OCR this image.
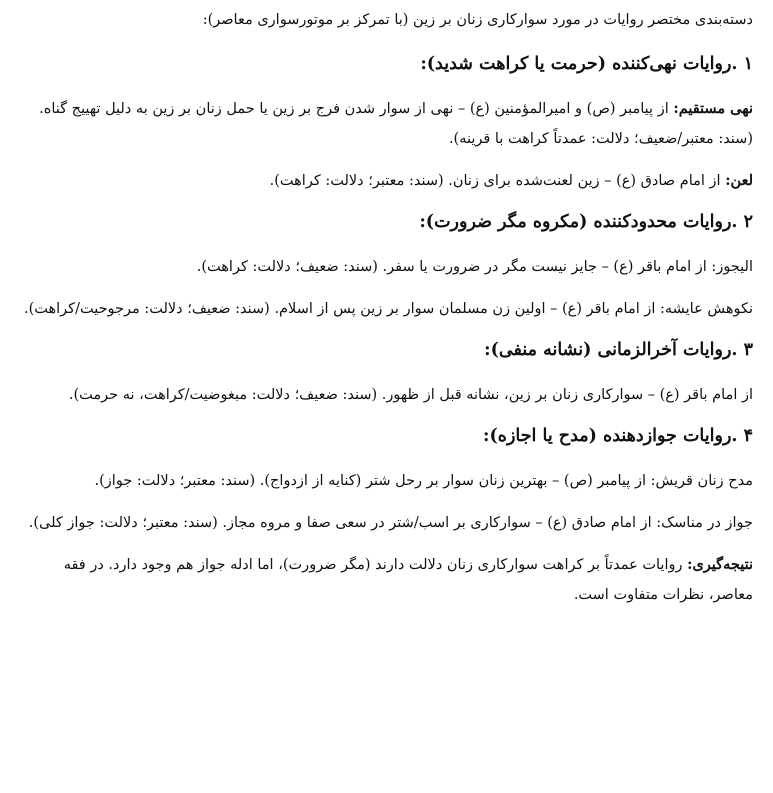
دسته‌بندی مختصر روایات در مورد سوارکاری زنان بر زین (با تمرکز بر موتورسواری معاصر):

۱ .روایات نهی‌کننده (حرمت یا کراهت شدید):

نهی مستقیم: از پیامبر (ص) و امیرالمؤمنین (ع) – نهی از سوار شدن فرج بر زین یا حمل زنان بر زین به دلیل تهییج گناه. (سند: معتبر/ضعیف؛ دلالت: عمدتاً کراهت با قرینه).

لعن: از امام صادق (ع) – زین لعنت‌شده برای زنان. (سند: معتبر؛ دلالت: کراهت).

۲ .روایات محدودکننده (مکروه مگر ضرورت):

الیجوز: از امام باقر (ع) – جایز نیست مگر در ضرورت یا سفر. (سند: ضعیف؛ دلالت: کراهت).

نکوهش عایشه: از امام باقر (ع) – اولین زن مسلمان سوار بر زین پس از اسلام. (سند: ضعیف؛ دلالت: مرجوحیت/کراهت).

۳ .روایات آخرالزمانی (نشانه منفی):

از امام باقر (ع) – سوارکاری زنان بر زین، نشانه قبل از ظهور. (سند: ضعیف؛ دلالت: مبغوضیت/کراهت، نه حرمت).

۴ .روایات جوازدهنده (مدح یا اجازه):

مدح زنان قریش: از پیامبر (ص) – بهترین زنان سوار بر رحل شتر (کنایه از ازدواج). (سند: معتبر؛ دلالت: جواز).

جواز در مناسک: از امام صادق (ع) – سوارکاری بر اسب/شتر در سعی صفا و مروه مجاز. (سند: معتبر؛ دلالت: جواز کلی).

نتیجه‌گیری: روایات عمدتاً بر کراهت سوارکاری زنان دلالت دارند (مگر ضرورت)، اما ادله جواز هم وجود دارد. در فقه معاصر، نظرات متفاوت است.
